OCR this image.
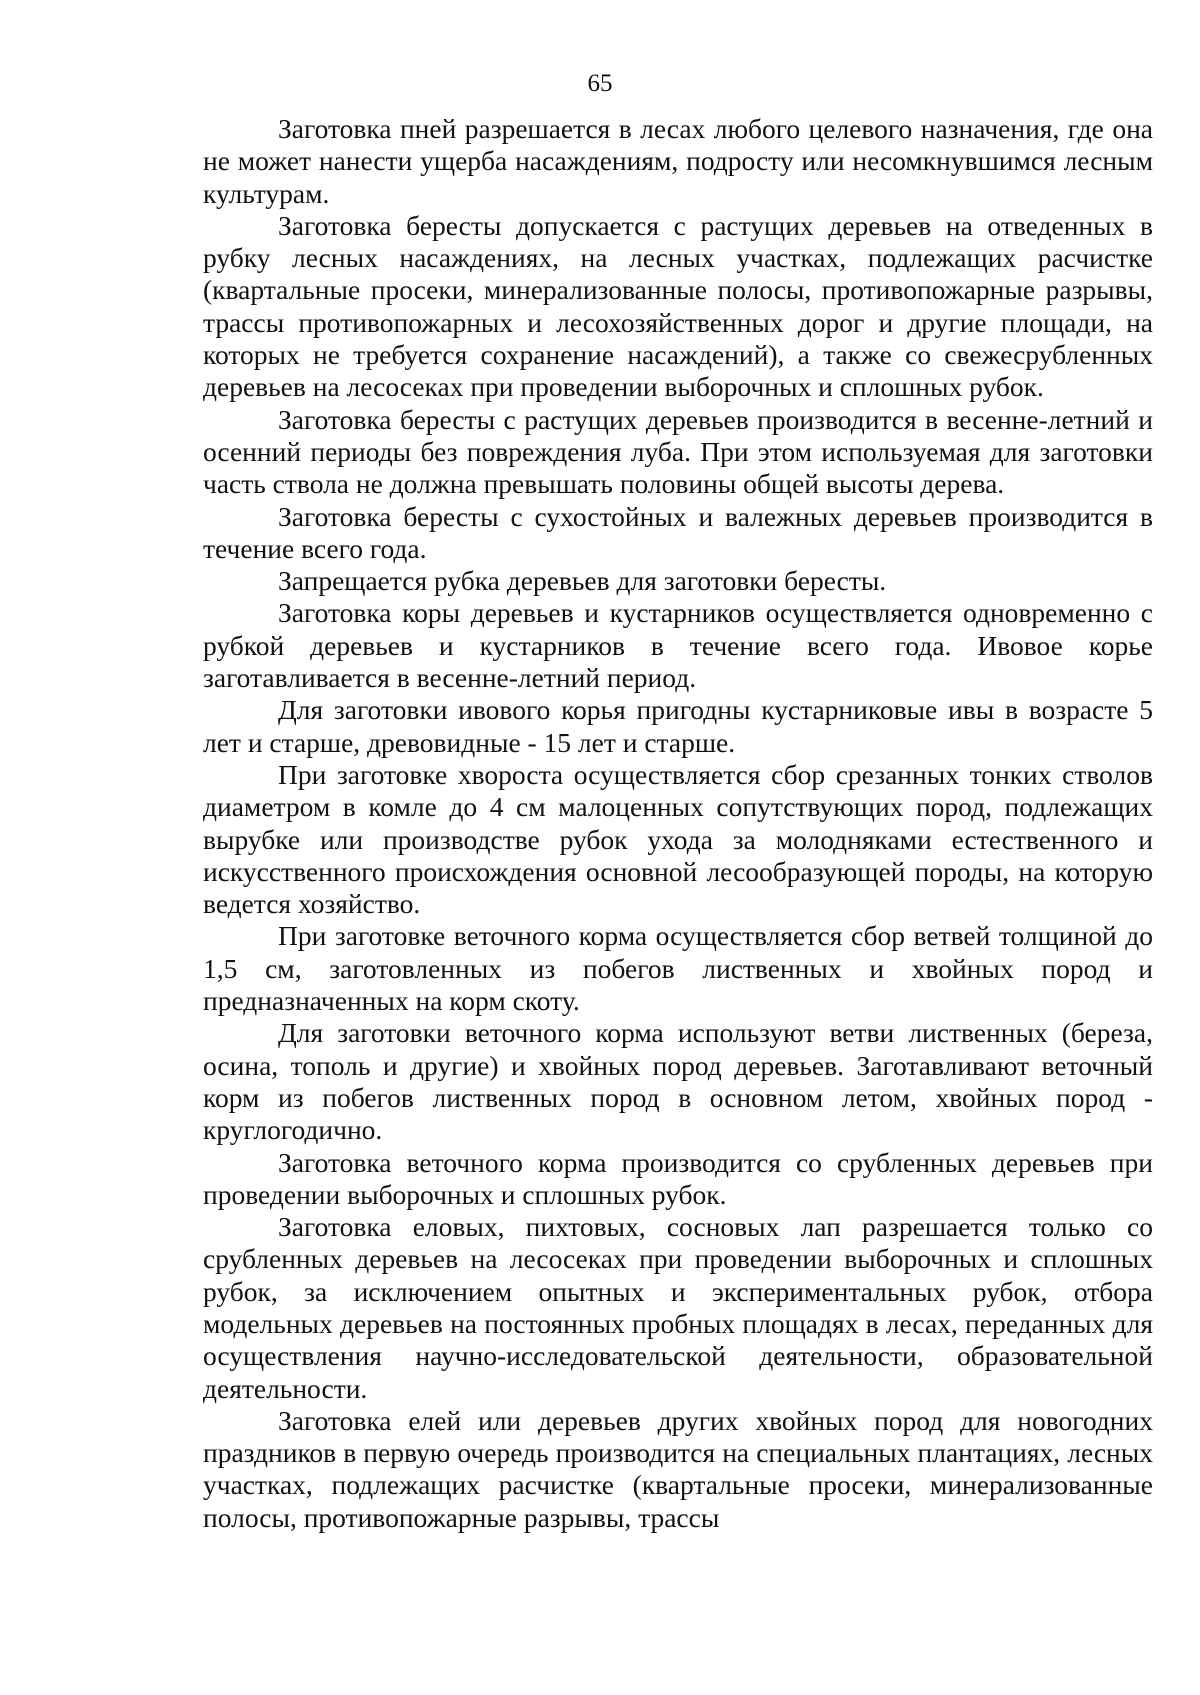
65

Заготовка пней разрешается в лесах любого целевого назначения, где она не может нанести ущерба насаждениям, подросту или несомкнувшимся лесным культурам.

Заготовка бересты допускается с растущих деревьев на отведенных в рубку лесных насаждениях, на лесных участках, подлежащих расчистке (квартальные просеки, минерализованные полосы, противопожарные разрывы, трассы противопожарных и лесохозяйственных дорог и другие площади, на которых не требуется сохранение насаждений), а также со свежесрубленных деревьев на лесосеках при проведении выборочных и сплошных рубок.

Заготовка бересты с растущих деревьев производится в весенне-летний и осенний периоды без повреждения луба. При этом используемая для заготовки часть ствола не должна превышать половины общей высоты дерева.

Заготовка бересты с сухостойных и валежных деревьев производится в течение всего года.

Запрещается рубка деревьев для заготовки бересты.

Заготовка коры деревьев и кустарников осуществляется одновременно с рубкой деревьев и кустарников в течение всего года. Ивовое корье заготавливается в весенне-летний период.

Для заготовки ивового корья пригодны кустарниковые ивы в возрасте 5 лет и старше, древовидные - 15 лет и старше.

При заготовке хвороста осуществляется сбор срезанных тонких стволов диаметром в комле до 4 см малоценных сопутствующих пород, подлежащих вырубке или производстве рубок ухода за молодняками естественного и искусственного происхождения основной лесообразующей породы, на которую ведется хозяйство.

При заготовке веточного корма осуществляется сбор ветвей толщиной до 1,5 см, заготовленных из побегов лиственных и хвойных пород и предназначенных на корм скоту.

Для заготовки веточного корма используют ветви лиственных (береза, осина, тополь и другие) и хвойных пород деревьев. Заготавливают веточный корм из побегов лиственных пород в основном летом, хвойных пород - круглогодично.

Заготовка веточного корма производится со срубленных деревьев при проведении выборочных и сплошных рубок.

Заготовка еловых, пихтовых, сосновых лап разрешается только со срубленных деревьев на лесосеках при проведении выборочных и сплошных рубок, за исключением опытных и экспериментальных рубок, отбора модельных деревьев на постоянных пробных площадях в лесах, переданных для осуществления научно-исследовательской деятельности, образовательной деятельности.

Заготовка елей или деревьев других хвойных пород для новогодних праздников в первую очередь производится на специальных плантациях, лесных участках, подлежащих расчистке (квартальные просеки, минерализованные полосы, противопожарные разрывы, трассы
